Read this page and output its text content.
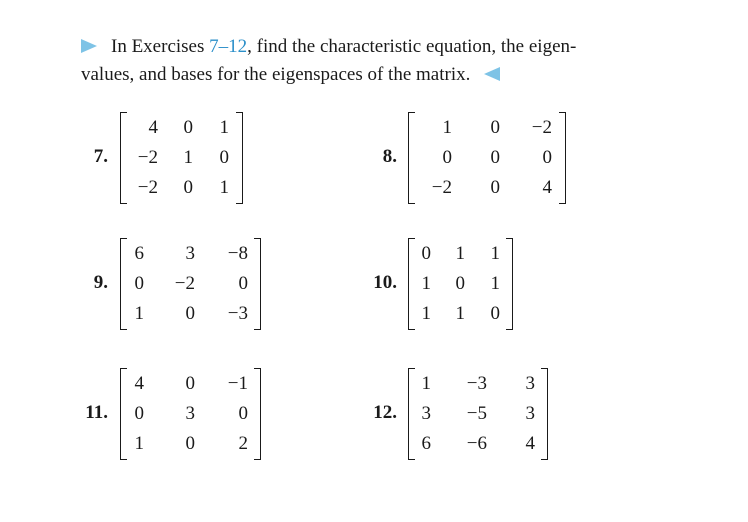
In Exercises 7–12, find the characteristic equation, the eigen-
values, and bases for the eigenspaces of the matrix.
7.
4	0	1
−2	1	0
−2	0	1
8.
1	0	−2
0	0	0
−2	0	4
9.
6	3	−8
0	−2	0
1	0	−3
10.
0	1	1
1	0	1
1	1	0
11.
4	0	−1
0	3	0
1	0	2
12.
1	−3	3
3	−5	3
6	−6	4
